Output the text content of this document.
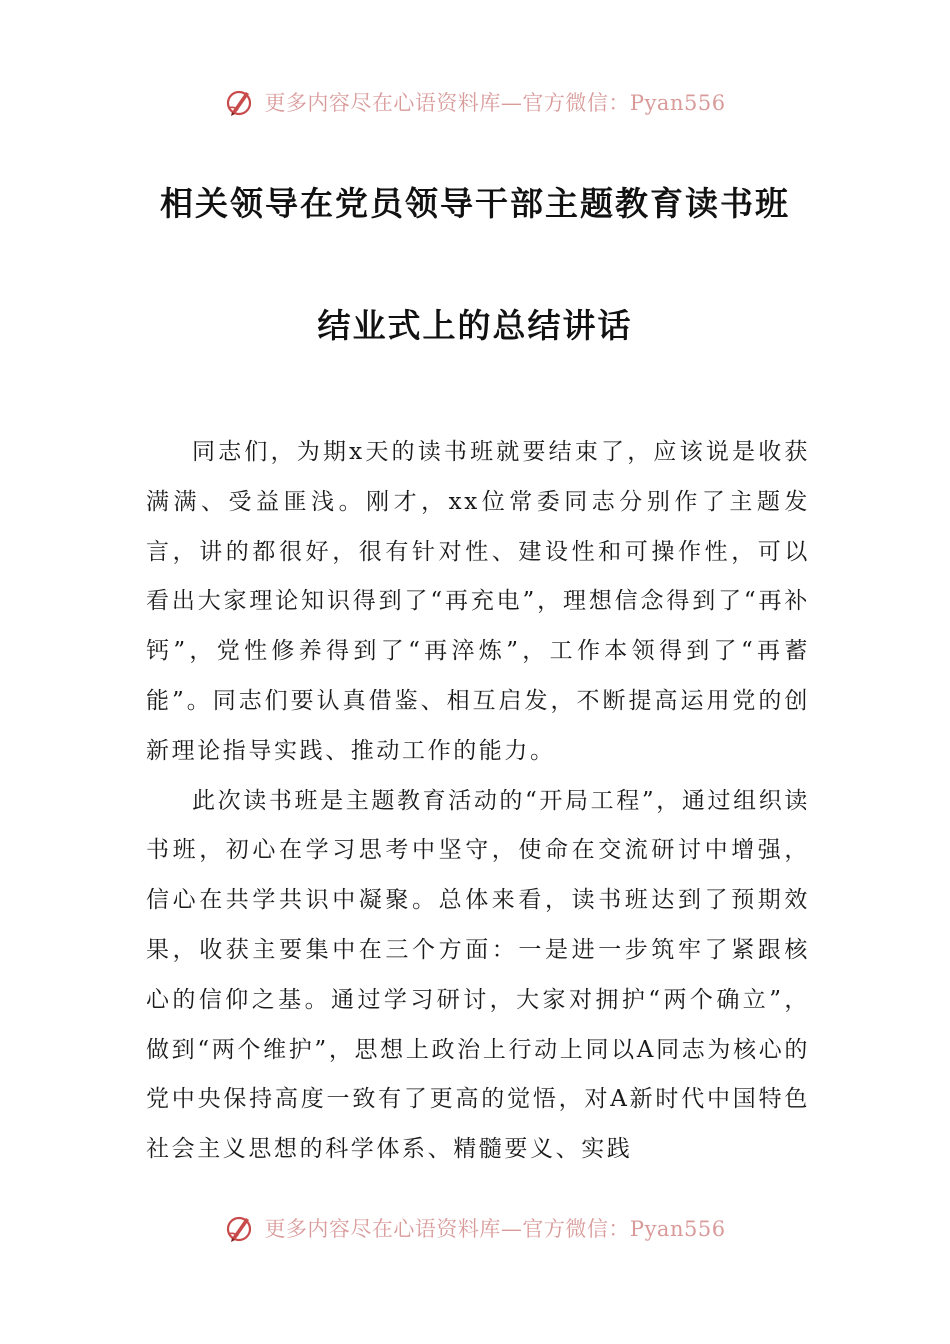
更多内容尽在心语资料库—官方微信：Pyan556
相关领导在党员领导干部主题教育读书班
结业式上的总结讲话

同志们，为期x天的读书班就要结束了，应该说是收获满满、受益匪浅。刚才，xx位常委同志分别作了主题发言，讲的都很好，很有针对性、建设性和可操作性，可以看出大家理论知识得到了“再充电”，理想信念得到了“再补钙”，党性修养得到了“再淬炼”，工作本领得到了“再蓄能”。同志们要认真借鉴、相互启发，不断提高运用党的创新理论指导实践、推动工作的能力。

此次读书班是主题教育活动的“开局工程”，通过组织读书班，初心在学习思考中坚守，使命在交流研讨中增强，信心在共学共识中凝聚。总体来看，读书班达到了预期效果，收获主要集中在三个方面：一是进一步筑牢了紧跟核心的信仰之基。通过学习研讨，大家对拥护“两个确立”，做到“两个维护”，思想上政治上行动上同以A同志为核心的党中央保持高度一致有了更高的觉悟，对A新时代中国特色社会主义思想的科学体系、精髓要义、实践

更多内容尽在心语资料库—官方微信：Pyan556
